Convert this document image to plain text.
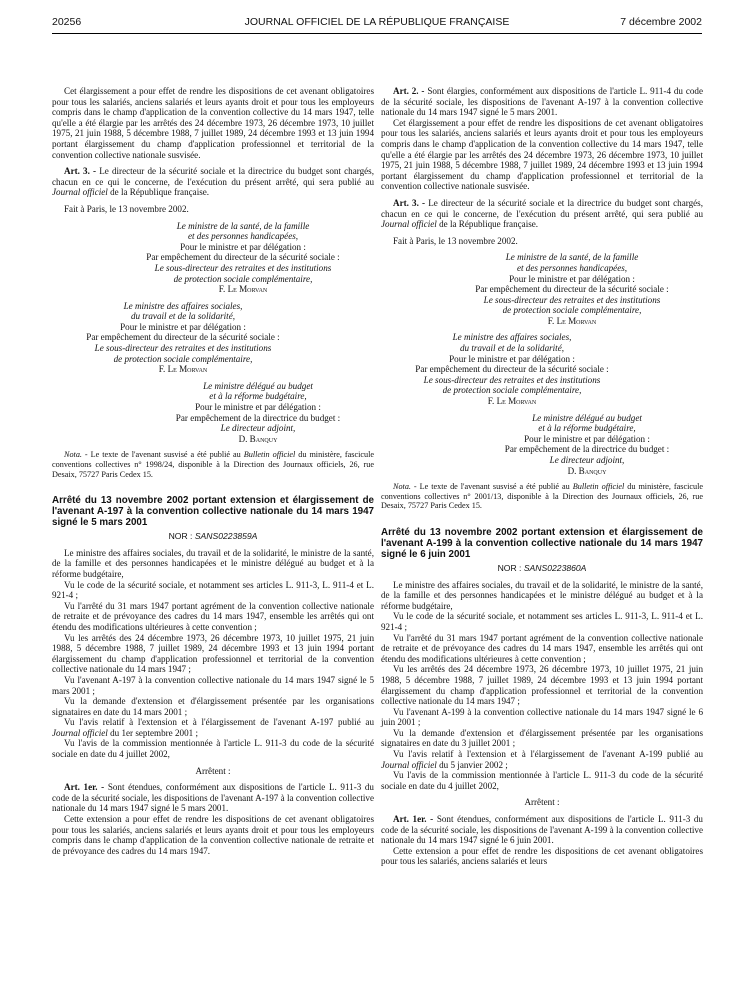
20256	JOURNAL OFFICIEL DE LA RÉPUBLIQUE FRANÇAISE	7 décembre 2002

Cet élargissement a pour effet de rendre les dispositions de cet avenant obligatoires pour tous les salariés, anciens salariés et leurs ayants droit et pour tous les employeurs compris dans le champ d'application de la convention collective du 14 mars 1947, telle qu'elle a été élargie par les arrêtés des 24 décembre 1973, 26 décembre 1973, 10 juillet 1975, 21 juin 1988, 5 décembre 1988, 7 juillet 1989, 24 décembre 1993 et 13 juin 1994 portant élargissement du champ d'application professionnel et territorial de la convention collective nationale susvisée.

Art. 3. - Le directeur de la sécurité sociale et la directrice du budget sont chargés, chacun en ce qui le concerne, de l'exécution du présent arrêté, qui sera publié au Journal officiel de la République française.

Fait à Paris, le 13 novembre 2002.

Le ministre de la santé, de la famille

et des personnes handicapées,

Pour le ministre et par délégation :

Par empêchement du directeur de la sécurité sociale :

Le sous-directeur des retraites et des institutions

de protection sociale complémentaire,

F. Le Morvan

Le ministre des affaires sociales,

du travail et de la solidarité,

Pour le ministre et par délégation :

Par empêchement du directeur de la sécurité sociale :

Le sous-directeur des retraites et des institutions

de protection sociale complémentaire,

F. Le Morvan

Le ministre délégué au budget

et à la réforme budgétaire,

Pour le ministre et par délégation :

Par empêchement de la directrice du budget :

Le directeur adjoint,

D. Banquy

Nota. - Le texte de l'avenant susvisé a été publié au Bulletin officiel du ministère, fascicule conventions collectives n° 1998/24, disponible à la Direction des Journaux officiels, 26, rue Desaix, 75727 Paris Cedex 15.

Arrêté du 13 novembre 2002 portant extension et élargissement de l'avenant A-197 à la convention collective nationale du 14 mars 1947 signé le 5 mars 2001

NOR : SANS0223859A

Le ministre des affaires sociales, du travail et de la solidarité, le ministre de la santé, de la famille et des personnes handicapées et le ministre délégué au budget et à la réforme budgétaire,

Vu le code de la sécurité sociale, et notamment ses articles L. 911-3, L. 911-4 et L. 921-4 ;

Vu l'arrêté du 31 mars 1947 portant agrément de la convention collective nationale de retraite et de prévoyance des cadres du 14 mars 1947, ensemble les arrêtés qui ont étendu des modifications ultérieures à cette convention ;

Vu les arrêtés des 24 décembre 1973, 26 décembre 1973, 10 juillet 1975, 21 juin 1988, 5 décembre 1988, 7 juillet 1989, 24 décembre 1993 et 13 juin 1994 portant élargissement du champ d'application professionnel et territorial de la convention collective nationale du 14 mars 1947 ;

Vu l'avenant A-197 à la convention collective nationale du 14 mars 1947 signé le 5 mars 2001 ;

Vu la demande d'extension et d'élargissement présentée par les organisations signataires en date du 14 mars 2001 ;

Vu l'avis relatif à l'extension et à l'élargissement de l'avenant A-197 publié au Journal officiel du 1er septembre 2001 ;

Vu l'avis de la commission mentionnée à l'article L. 911-3 du code de la sécurité sociale en date du 4 juillet 2002,

Arrêtent :

Art. 1er. - Sont étendues, conformément aux dispositions de l'article L. 911-3 du code de la sécurité sociale, les dispositions de l'avenant A-197 à la convention collective nationale du 14 mars 1947 signé le 5 mars 2001.

Cette extension a pour effet de rendre les dispositions de cet avenant obligatoires pour tous les salariés, anciens salariés et leurs ayants droit et pour tous les employeurs compris dans le champ d'application de la convention collective nationale de retraite et de prévoyance des cadres du 14 mars 1947.

Art. 2. - Sont élargies, conformément aux dispositions de l'article L. 911-4 du code de la sécurité sociale, les dispositions de l'avenant A-197 à la convention collective nationale du 14 mars 1947 signé le 5 mars 2001.

Cet élargissement a pour effet de rendre les dispositions de cet avenant obligatoires pour tous les salariés, anciens salariés et leurs ayants droit et pour tous les employeurs compris dans le champ d'application de la convention collective du 14 mars 1947, telle qu'elle a été élargie par les arrêtés des 24 décembre 1973, 26 décembre 1973, 10 juillet 1975, 21 juin 1988, 5 décembre 1988, 7 juillet 1989, 24 décembre 1993 et 13 juin 1994 portant élargissement du champ d'application professionnel et territorial de la convention collective nationale susvisée.

Art. 3. - Le directeur de la sécurité sociale et la directrice du budget sont chargés, chacun en ce qui le concerne, de l'exécution du présent arrêté, qui sera publié au Journal officiel de la République française.

Fait à Paris, le 13 novembre 2002.

Le ministre de la santé, de la famille

et des personnes handicapées,

Pour le ministre et par délégation :

Par empêchement du directeur de la sécurité sociale :

Le sous-directeur des retraites et des institutions

de protection sociale complémentaire,

F. Le Morvan

Le ministre des affaires sociales,

du travail et de la solidarité,

Pour le ministre et par délégation :

Par empêchement du directeur de la sécurité sociale :

Le sous-directeur des retraites et des institutions

de protection sociale complémentaire,

F. Le Morvan

Le ministre délégué au budget

et à la réforme budgétaire,

Pour le ministre et par délégation :

Par empêchement de la directrice du budget :

Le directeur adjoint,

D. Banquy

Nota. - Le texte de l'avenant susvisé a été publié au Bulletin officiel du ministère, fascicule conventions collectives n° 2001/13, disponible à la Direction des Journaux officiels, 26, rue Desaix, 75727 Paris Cedex 15.

Arrêté du 13 novembre 2002 portant extension et élargissement de l'avenant A-199 à la convention collective nationale du 14 mars 1947 signé le 6 juin 2001

NOR : SANS0223860A

Le ministre des affaires sociales, du travail et de la solidarité, le ministre de la santé, de la famille et des personnes handicapées et le ministre délégué au budget et à la réforme budgétaire,

Vu le code de la sécurité sociale, et notamment ses articles L. 911-3, L. 911-4 et L. 921-4 ;

Vu l'arrêté du 31 mars 1947 portant agrément de la convention collective nationale de retraite et de prévoyance des cadres du 14 mars 1947, ensemble les arrêtés qui ont étendu des modifications ultérieures à cette convention ;

Vu les arrêtés des 24 décembre 1973, 26 décembre 1973, 10 juillet 1975, 21 juin 1988, 5 décembre 1988, 7 juillet 1989, 24 décembre 1993 et 13 juin 1994 portant élargissement du champ d'application professionnel et territorial de la convention collective nationale du 14 mars 1947 ;

Vu l'avenant A-199 à la convention collective nationale du 14 mars 1947 signé le 6 juin 2001 ;

Vu la demande d'extension et d'élargissement présentée par les organisations signataires en date du 3 juillet 2001 ;

Vu l'avis relatif à l'extension et à l'élargissement de l'avenant A-199 publié au Journal officiel du 5 janvier 2002 ;

Vu l'avis de la commission mentionnée à l'article L. 911-3 du code de la sécurité sociale en date du 4 juillet 2002,

Arrêtent :

Art. 1er. - Sont étendues, conformément aux dispositions de l'article L. 911-3 du code de la sécurité sociale, les dispositions de l'avenant A-199 à la convention collective nationale du 14 mars 1947 signé le 6 juin 2001.

Cette extension a pour effet de rendre les dispositions de cet avenant obligatoires pour tous les salariés, anciens salariés et leurs
